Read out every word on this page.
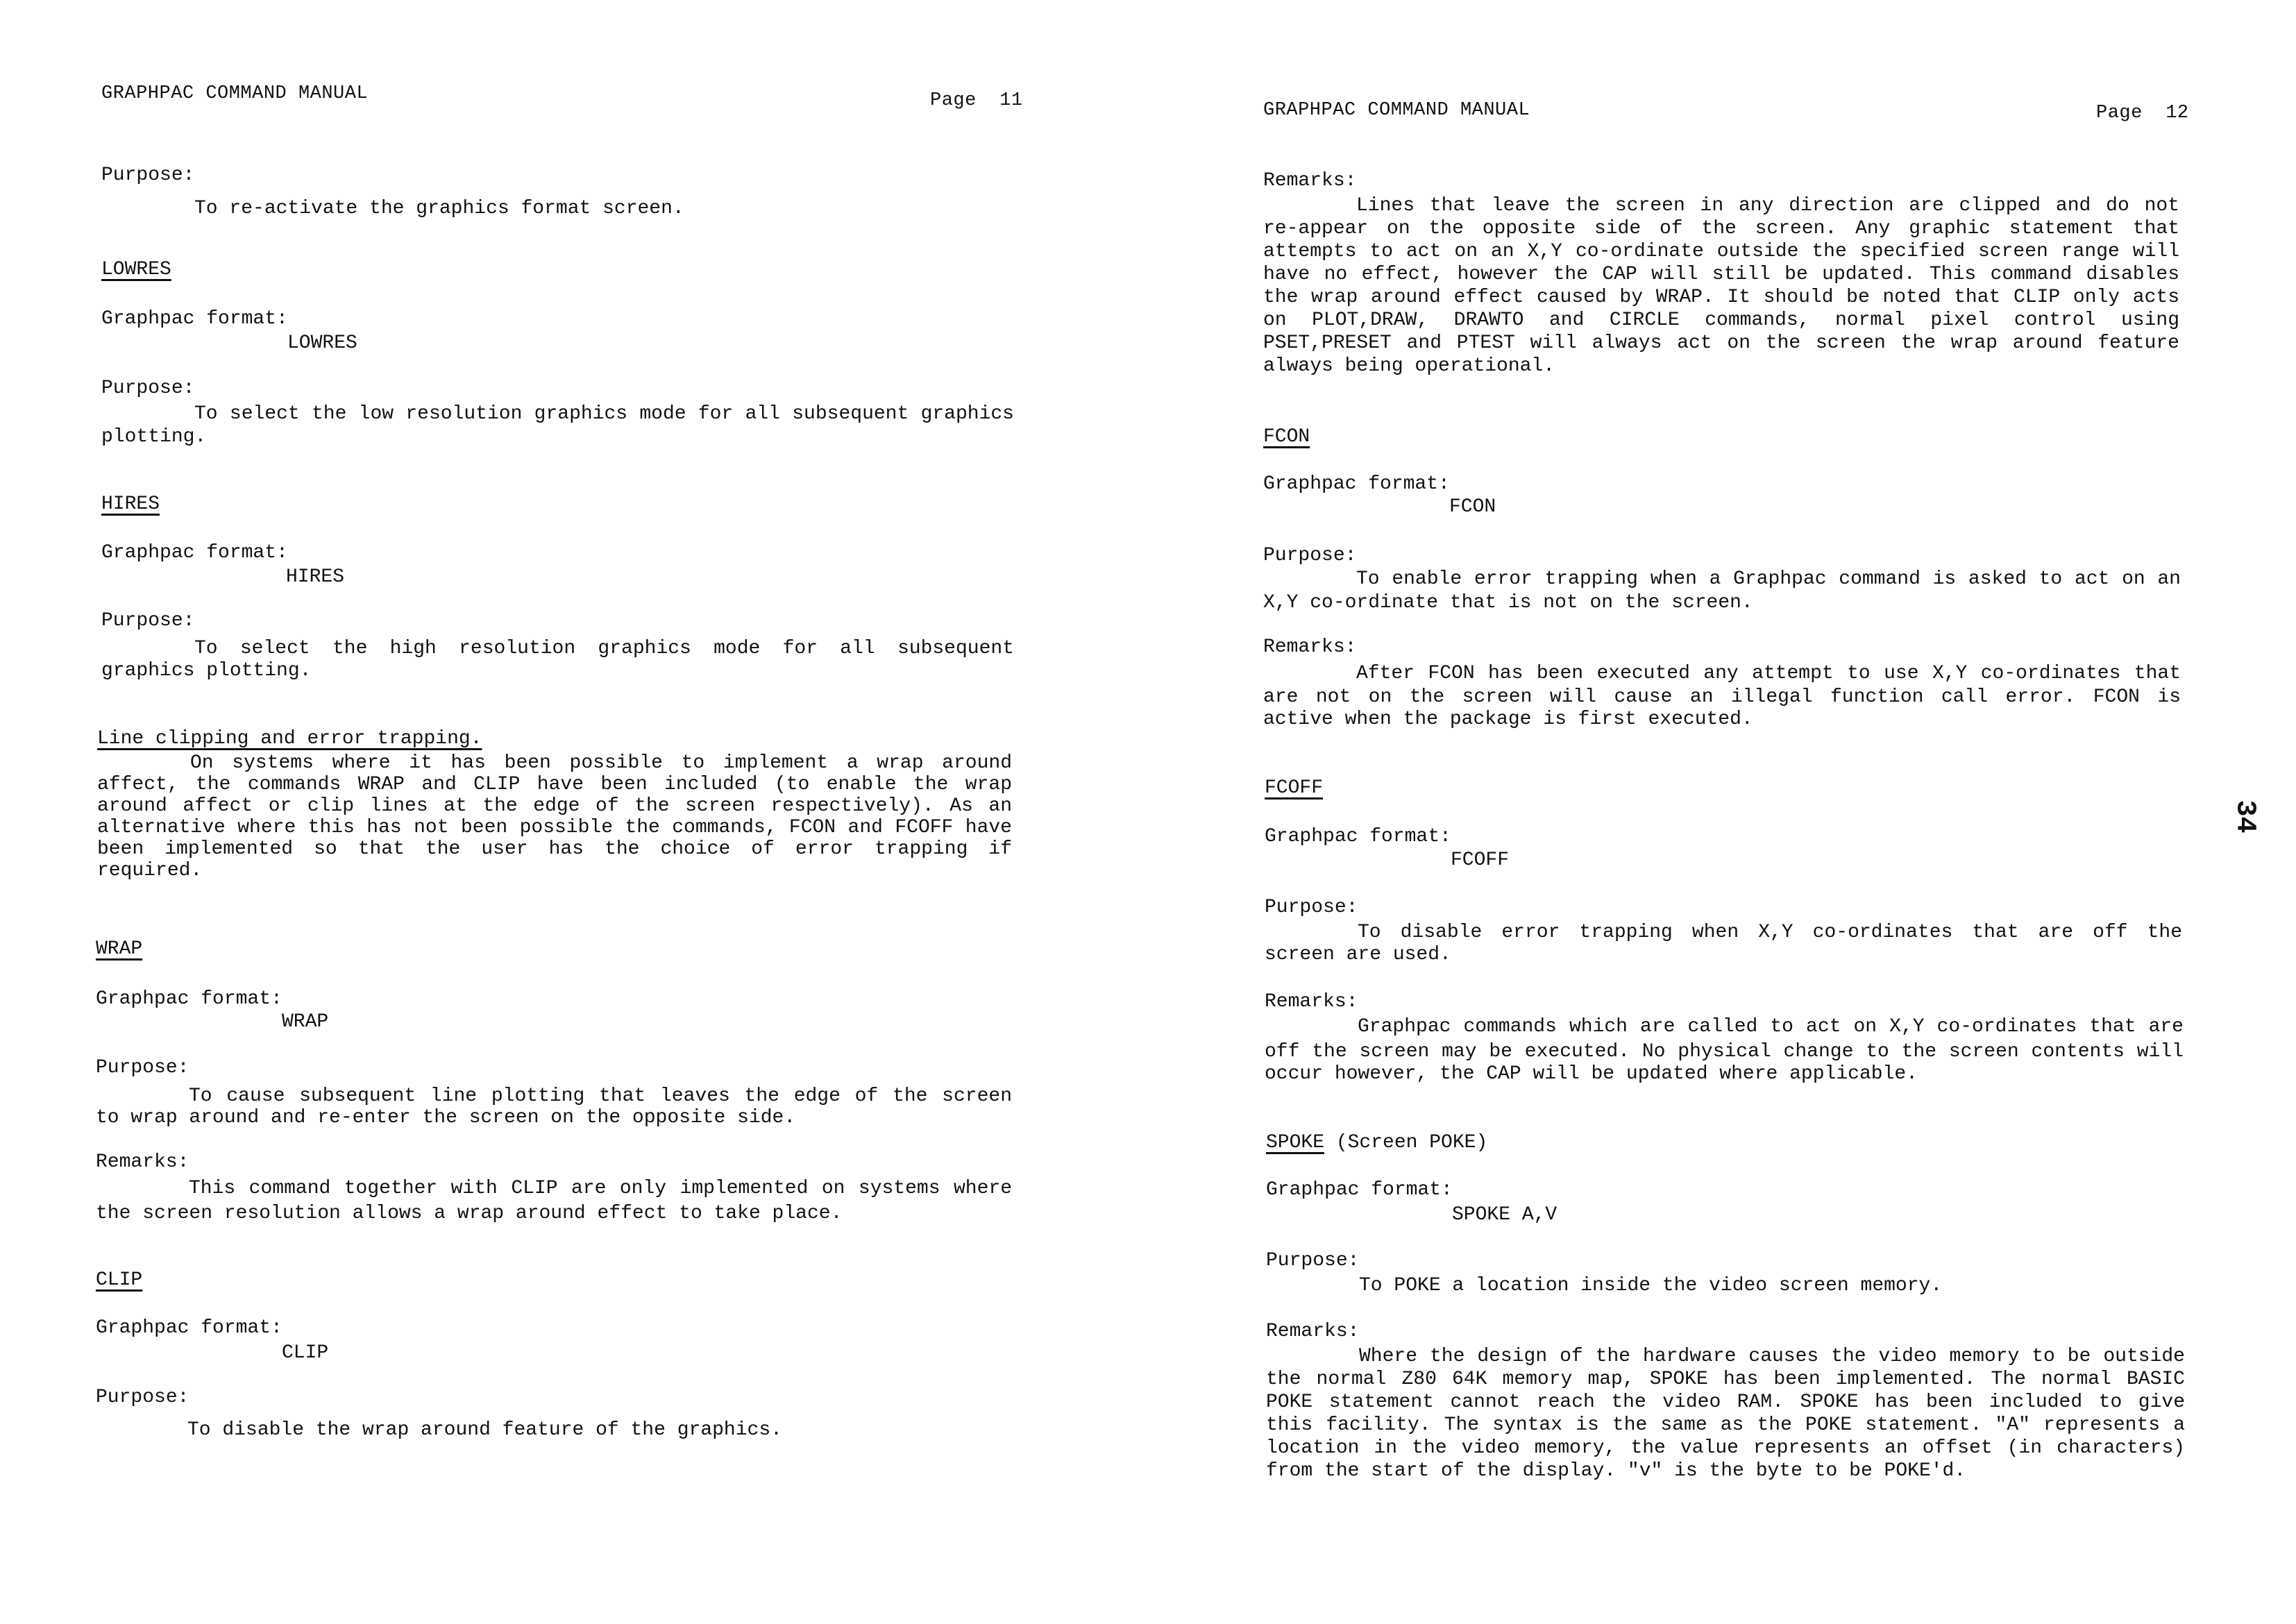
GRAPHPAC COMMAND MANUAL	Page  11
Purpose:
To re-activate the graphics format screen.
LOWRES
Graphpac format:
LOWRES
Purpose:
To select the low resolution graphics mode for all subsequent graphics
plotting.
HIRES
Graphpac format:
HIRES
Purpose:
To select the high resolution graphics mode for all subsequent
graphics plotting.
Line clipping and error trapping.
On systems where it has been possible to implement a wrap around
affect, the commands WRAP and CLIP have been included (to enable the wrap
around affect or clip lines at the edge of the screen respectively). As an
alternative where this has not been possible the commands, FCON and FCOFF have
been implemented so that the user has the choice of error trapping if
required.
WRAP
Graphpac format:
WRAP
Purpose:
To cause subsequent line plotting that leaves the edge of the screen
to wrap around and re-enter the screen on the opposite side.
Remarks:
This command together with CLIP are only implemented on systems where
the screen resolution allows a wrap around effect to take place.
CLIP
Graphpac format:
CLIP
Purpose:
To disable the wrap around feature of the graphics.
GRAPHPAC COMMAND MANUAL	Page  12
Remarks:
Lines that leave the screen in any direction are clipped and do not
re-appear on the opposite side of the screen. Any graphic statement that
attempts to act on an X,Y co-ordinate outside the specified screen range will
have no effect, however the CAP will still be updated. This command disables
the wrap around effect caused by WRAP. It should be noted that CLIP only acts
on PLOT,DRAW, DRAWTO and CIRCLE commands, normal pixel control using
PSET,PRESET and PTEST will always act on the screen the wrap around feature
always being operational.
FCON
Graphpac format:
FCON
Purpose:
To enable error trapping when a Graphpac command is asked to act on an
X,Y co-ordinate that is not on the screen.
Remarks:
After FCON has been executed any attempt to use X,Y co-ordinates that
are not on the screen will cause an illegal function call error. FCON is
active when the package is first executed.
FCOFF
Graphpac format:
FCOFF
Purpose:
To disable error trapping when X,Y co-ordinates that are off the
screen are used.
Remarks:
Graphpac commands which are called to act on X,Y co-ordinates that are
off the screen may be executed. No physical change to the screen contents will
occur however, the CAP will be updated where applicable.
SPOKE (Screen POKE)
Graphpac format:
SPOKE A,V
Purpose:
To POKE a location inside the video screen memory.
Remarks:
Where the design of the hardware causes the video memory to be outside
the normal Z80 64K memory map, SPOKE has been implemented. The normal BASIC
POKE statement cannot reach the video RAM. SPOKE has been included to give
this facility. The syntax is the same as the POKE statement. "A" represents a
location in the video memory, the value represents an offset (in characters)
from the start of the display. "v" is the byte to be POKE'd.
34
